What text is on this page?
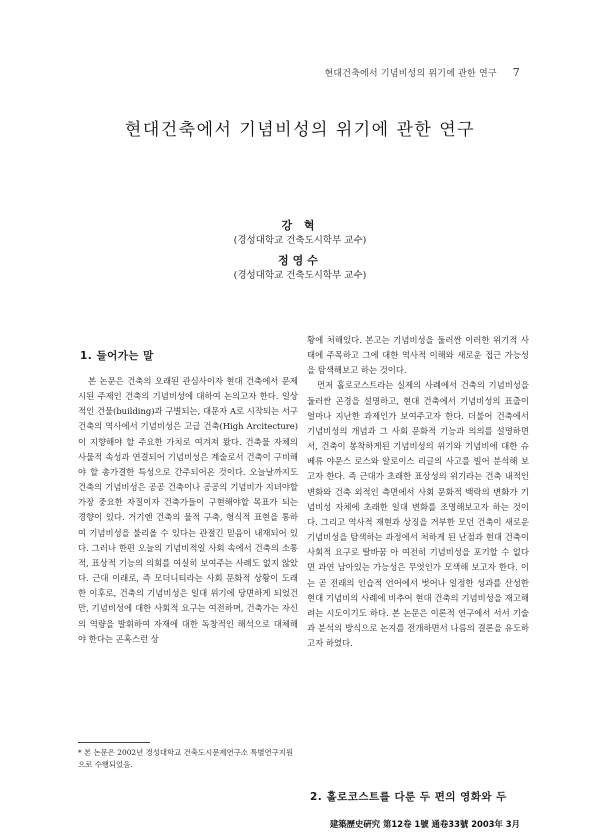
현대건축에서 기념비성의 위기에 관한 연구 7
현대건축에서 기념비성의 위기에 관한 연구
강 혁
(경성대학교 건축도시학부 교수)
정영수
(경성대학교 건축도시학부 교수)
1. 들어가는 말

본 논문은 건축의 오래된 관심사이자 현대 건축에서 문제시된 주제인 건축의 기념비성에 대하여 논의고자 한다. 일상적인 건물(building)과 구별되는, 대문자 A로 시작되는 서구 건축의 역사에서 기념비성은 고급 건축(High Arcitecture)이 지향해야 할 주요한 가치로 여겨져 왔다. 건축물 자체의 사물적 속성과 연결되어 기념비성은 계술로서 건축이 구비해야 할 총가결한 특성으로 간주되어온 것이다. 오늘날까지도 건축의 기념비성은 공공 건축이나 공공의 기념비가 지녀야할 가장 중요한 자질이자 건축가들이 구현해야할 목표가 되는 경향이 있다. 거기엔 건축의 물적 구축, 형식적 표현을 통하여 기념비성을 불리올 수 있다는 관절긴 믿음이 내재되어 있다. 그러나 한편 오늘의 기념비적일 사회 속에서 건축의 소통적, 표상적 기능의 의회를 여실히 보여주는 사례도 없지 않았다. 근대 이래로, 즉 모더니티라는 사회 문화적 상황이 도래한 이후로, 건축의 기념비성은 일대 위기에 당면하게 되었건만, 기념비성에 대한 사회적 요구는 여전하며, 건축가는 자신의 역량을 발휘하여 자재에 대한 독창적인 해석으로 대체해야 한다는 곤혹스런 상

황에 처해있다. 본고는 기념비성을 둘러싼 이러한 위기적 사태에 주목하고 그에 대한 역사적 이해와 새로운 접근 가능성을 탐색해보고 하는 것이다.

먼저 홀로코스트라는 실제의 사례에서 건축의 기념비성을 둘러싼 곤경을 설명하고, 현대 건축에서 기념비성의 표출이 얼마나 지난한 과제인가 보여주고자 한다. 더불어 건축에서 기념비성의 개념과 그 사회 문화적 기능과 의의를 설명하면서, 건축이 봉착하게된 기념비성의 위기와 기념비에 대한 슈베류 야문스 로스와 알로이스 리글의 사고를 빌어 분석해 보고자 한다. 즉 근대가 초래한 표상성의 위기라는 건축 내적인 변화와 건축 외적인 측면에서 사회 문화적 백락의 변화가 기념비성 자체에 초래한 일대 변화를 조명해보고자 하는 것이다. 그리고 역사적 재현과 상징을 거부한 모던 건축이 새로운 기념비성을 탐색하는 과정에서 처하게 된 난점과 현대 건축이 사회적 요구로 탈바꿈 아 여전히 기념비성을 포기할 수 없다면 과연 남아있는 가능성은 무엇인가 모색해 보고자 한다. 이는 곧 전래의 인습적 언어에서 벗어나 일정한 성과를 산성한 현대 기념비의 사례에 비추어 현대 건축의 기념비성을 재고해려는 시도이기도 하다. 본 논문은 이론적 연구에서 서서 기술과 분석의 방식으로 논지를 전개하면서 나름의 결론을 유도하고자 하였다.

* 본 논문은 2002년 경성대학교 건축도시문제연구소 특별연구지원으로 수행되었음.
2. 홀로코스트를 다룬 두 편의 영화와 두
建築歷史硏究 第12卷 1號 通卷33號 2003年 3月
